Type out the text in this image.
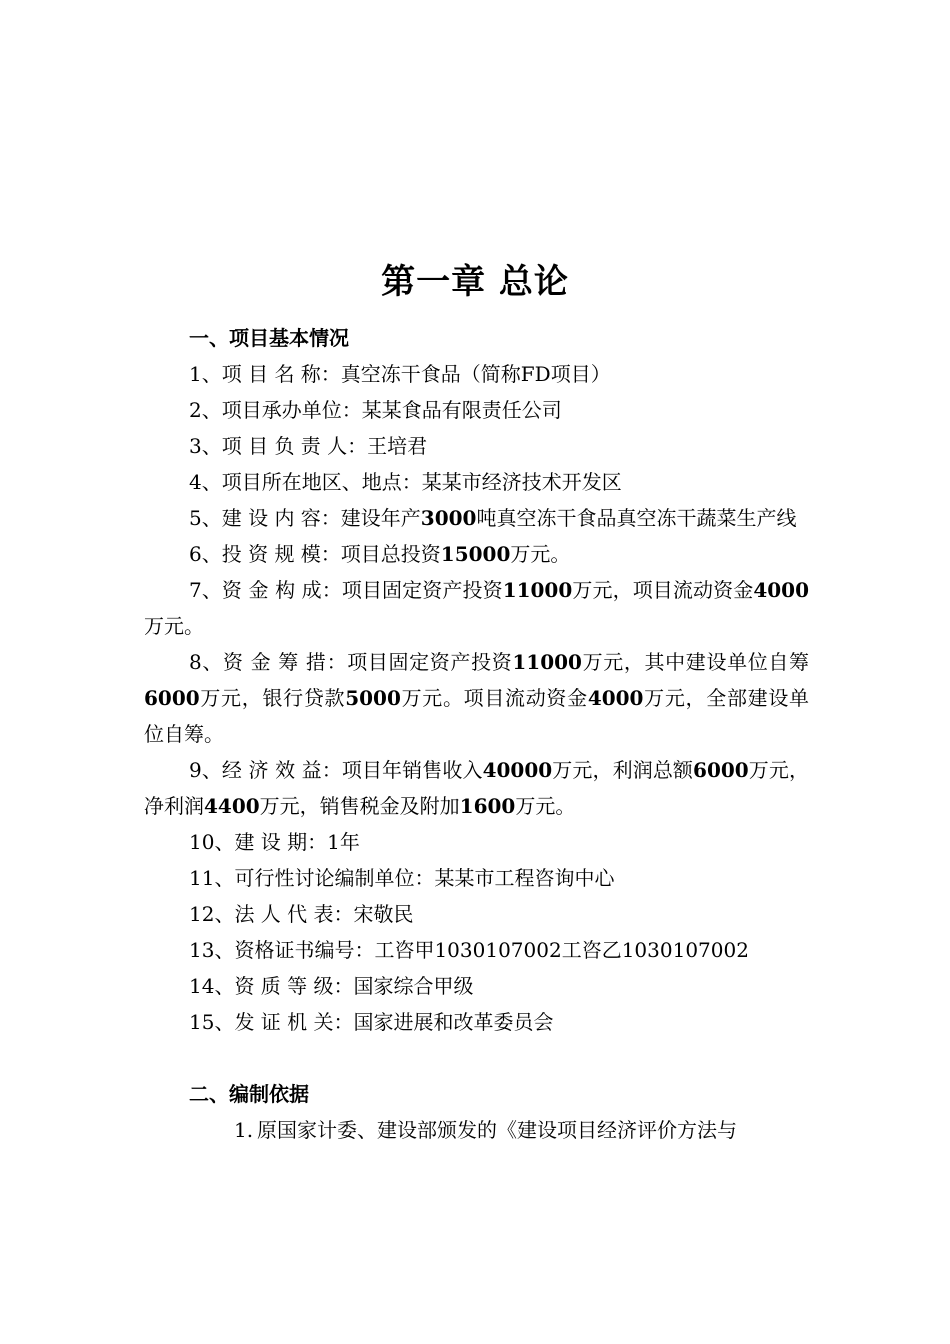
第一章 总论

一、项目基本情况

1、项 目 名 称：真空冻干食品（简称FD项目）

2、项目承办单位：某某食品有限责任公司

3、项 目 负 责 人：王培君

4、项目所在地区、地点：某某市经济技术开发区

5、建 设 内 容：建设年产3000吨真空冻干食品真空冻干蔬菜生产线

6、投 资 规 模：项目总投资15000万元。

7、资 金 构 成：项目固定资产投资11000万元，项目流动资金4000万元。

8、资 金 筹 措：项目固定资产投资11000万元，其中建设单位自筹6000万元，银行贷款5000万元。项目流动资金4000万元，全部建设单位自筹。

9、经 济 效 益：项目年销售收入40000万元，利润总额6000万元，净利润4400万元，销售税金及附加1600万元。

10、建 设 期：1年

11、可行性讨论编制单位：某某市工程咨询中心

12、法 人 代 表：宋敬民

13、资格证书编号：工咨甲1030107002工咨乙1030107002

14、资 质 等 级：国家综合甲级

15、发 证 机 关：国家进展和改革委员会

二、编制依据

1. 原国家计委、建设部颁发的《建设项目经济评价方法与
